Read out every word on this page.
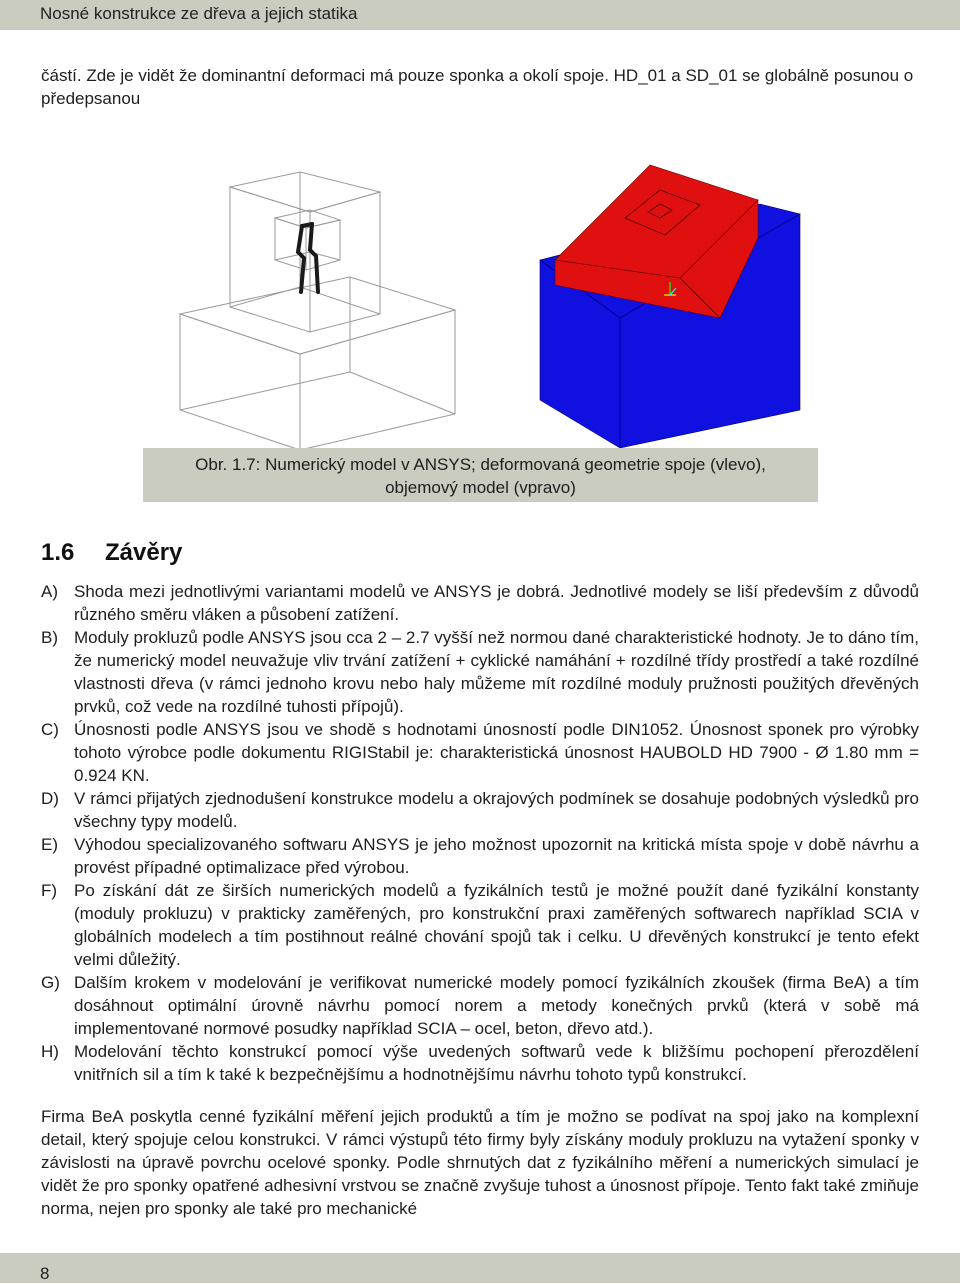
Nosné konstrukce ze dřeva a jejich statika
částí. Zde je vidět že dominantní deformaci má pouze sponka a okolí spoje. HD_01 a SD_01 se globálně posunou o předepsanou
Obr. 1.7: Numerický model v ANSYS; deformovaná geometrie spoje (vlevo),
objemový model (vpravo)
1.6 Závěry
A) Shoda mezi jednotlivými variantami modelů ve ANSYS je dobrá. Jednotlivé modely se liší především z důvodů různého směru vláken a působení zatížení.
B) Moduly prokluzů podle ANSYS jsou cca 2 – 2.7 vyšší než normou dané charakteristické hodnoty. Je to dáno tím, že numerický model neuvažuje vliv trvání zatížení + cyklické namáhání + rozdílné třídy prostředí a také rozdílné vlastnosti dřeva (v rámci jednoho krovu nebo haly můžeme mít rozdílné moduly pružnosti použitých dřevěných prvků, což vede na rozdílné tuhosti přípojů).
C) Únosnosti podle ANSYS jsou ve shodě s hodnotami únosností podle DIN1052. Únosnost sponek pro výrobky tohoto výrobce podle dokumentu RIGIStabil je: charakteristická únosnost HAUBOLD HD 7900 - Ø 1.80 mm = 0.924 KN.
D) V rámci přijatých zjednodušení konstrukce modelu a okrajových podmínek se dosahuje podobných výsledků pro všechny typy modelů.
E) Výhodou specializovaného softwaru ANSYS je jeho možnost upozornit na kritická místa spoje v době návrhu a provést případné optimalizace před výrobou.
F) Po získání dát ze širších numerických modelů a fyzikálních testů je možné použít dané fyzikální konstanty (moduly prokluzu) v prakticky zaměřených, pro konstrukční praxi zaměřených softwarech například SCIA v globálních modelech a tím postihnout reálné chování spojů tak i celku. U dřevěných konstrukcí je tento efekt velmi důležitý.
G) Dalším krokem v modelování je verifikovat numerické modely pomocí fyzikálních zkoušek (firma BeA) a tím dosáhnout optimální úrovně návrhu pomocí norem a metody konečných prvků (která v sobě má implementované normové posudky například SCIA – ocel, beton, dřevo atd.).
H) Modelování těchto konstrukcí pomocí výše uvedených softwarů vede k bližšímu pochopení přerozdělení vnitřních sil a tím k také k bezpečnějšímu a hodnotnějšímu návrhu tohoto typů konstrukcí.
Firma BeA poskytla cenné fyzikální měření jejich produktů a tím je možno se podívat na spoj jako na komplexní detail, který spojuje celou konstrukci. V rámci výstupů této firmy byly získány moduly prokluzu na vytažení sponky v závislosti na úpravě povrchu ocelové sponky. Podle shrnutých dat z fyzikálního měření a numerických simulací je vidět že pro sponky opatřené adhesivní vrstvou se značně zvyšuje tuhost a únosnost přípoje. Tento fakt také zmiňuje norma, nejen pro sponky ale také pro mechanické
8
